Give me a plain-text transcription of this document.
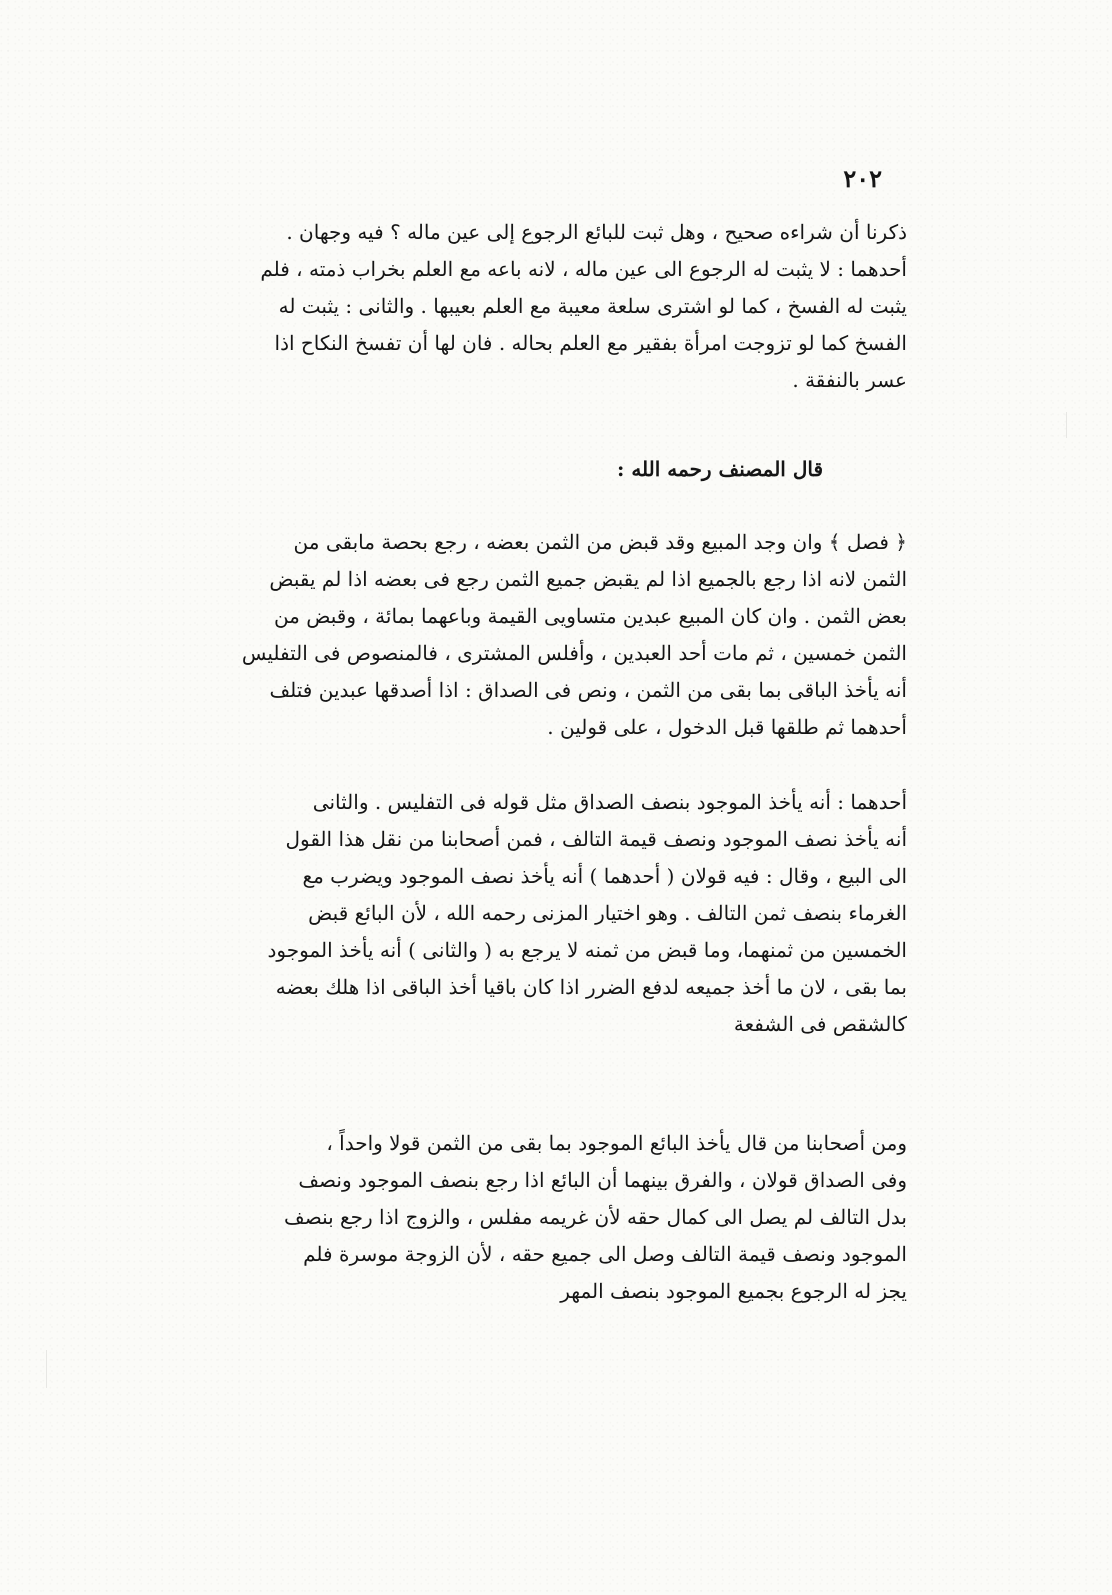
٢٠٢
ذكرنا أن شراءه صحيح ، وهل ثبت للبائع الرجوع إلى عين ماله ؟ فيه وجهان .
أحدهما : لا يثبت له الرجوع الى عين ماله ، لانه باعه مع العلم بخراب ذمته ، فلم
يثبت له الفسخ ، كما لو اشترى سلعة معيبة مع العلم بعيبها . والثانى : يثبت له
الفسخ كما لو تزوجت امرأة بفقير مع العلم بحاله . فان لها أن تفسخ النكاح اذا
عسر بالنفقة .
قال المصنف رحمه الله :
﴿ فصل ﴾ وان وجد المبيع وقد قبض من الثمن بعضه ، رجع بحصة مابقى من
الثمن لانه اذا رجع بالجميع اذا لم يقبض جميع الثمن رجع فى بعضه اذا لم يقبض
بعض الثمن . وان كان المبيع عبدين متساويى القيمة وباعهما بمائة ، وقبض من
الثمن خمسين ، ثم مات أحد العبدين ، وأفلس المشترى ، فالمنصوص فى التفليس
أنه يأخذ الباقى بما بقى من الثمن ، ونص فى الصداق : اذا أصدقها عبدين فتلف
أحدهما ثم طلقها قبل الدخول ، على قولين .
أحدهما : أنه يأخذ الموجود بنصف الصداق مثل قوله فى التفليس . والثانى
أنه يأخذ نصف الموجود ونصف قيمة التالف ، فمن أصحابنا من نقل هذا القول
الى البيع ، وقال : فيه قولان ( أحدهما ) أنه يأخذ نصف الموجود ويضرب مع
الغرماء بنصف ثمن التالف . وهو اختيار المزنى رحمه الله ، لأن البائع قبض
الخمسين من ثمنهما، وما قبض من ثمنه لا يرجع به ( والثانى ) أنه يأخذ الموجود
بما بقى ، لان ما أخذ جميعه لدفع الضرر اذا كان باقيا أخذ الباقى اذا هلك بعضه
كالشقص فى الشفعة
ومن أصحابنا من قال يأخذ البائع الموجود بما بقى من الثمن قولا واحداً ،
وفى الصداق قولان ، والفرق بينهما أن البائع اذا رجع بنصف الموجود ونصف
بدل التالف لم يصل الى كمال حقه لأن غريمه مفلس ، والزوج اذا رجع بنصف
الموجود ونصف قيمة التالف وصل الى جميع حقه ، لأن الزوجة موسرة فلم
يجز له الرجوع بجميع الموجود بنصف المهر
